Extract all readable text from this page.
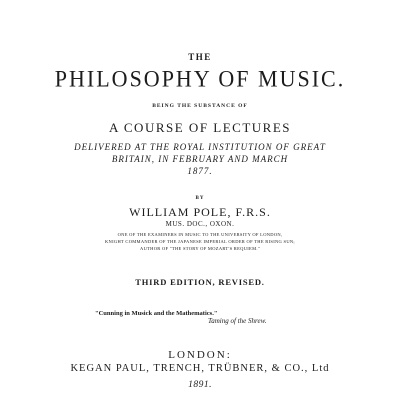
THE
PHILOSOPHY OF MUSIC.
BEING THE SUBSTANCE OF
A COURSE OF LECTURES
DELIVERED AT THE ROYAL INSTITUTION OF GREAT
BRITAIN, IN FEBRUARY AND MARCH
1877.
BY
WILLIAM POLE, F.R.S.
MUS. DOC., OXON.
ONE OF THE EXAMINERS IN MUSIC TO THE UNIVERSITY OF LONDON,
KNIGHT COMMANDER OF THE JAPANESE IMPERIAL ORDER OF THE RISING SUN;
AUTHOR OF "THE STORY OF MOZART'S REQUIEM."
THIRD EDITION, REVISED.
"Cunning in Musick and the Mathematics."
Taming of the Shrew.
LONDON:
KEGAN PAUL, TRENCH, TRÜBNER, & CO., Ltd
1891.
